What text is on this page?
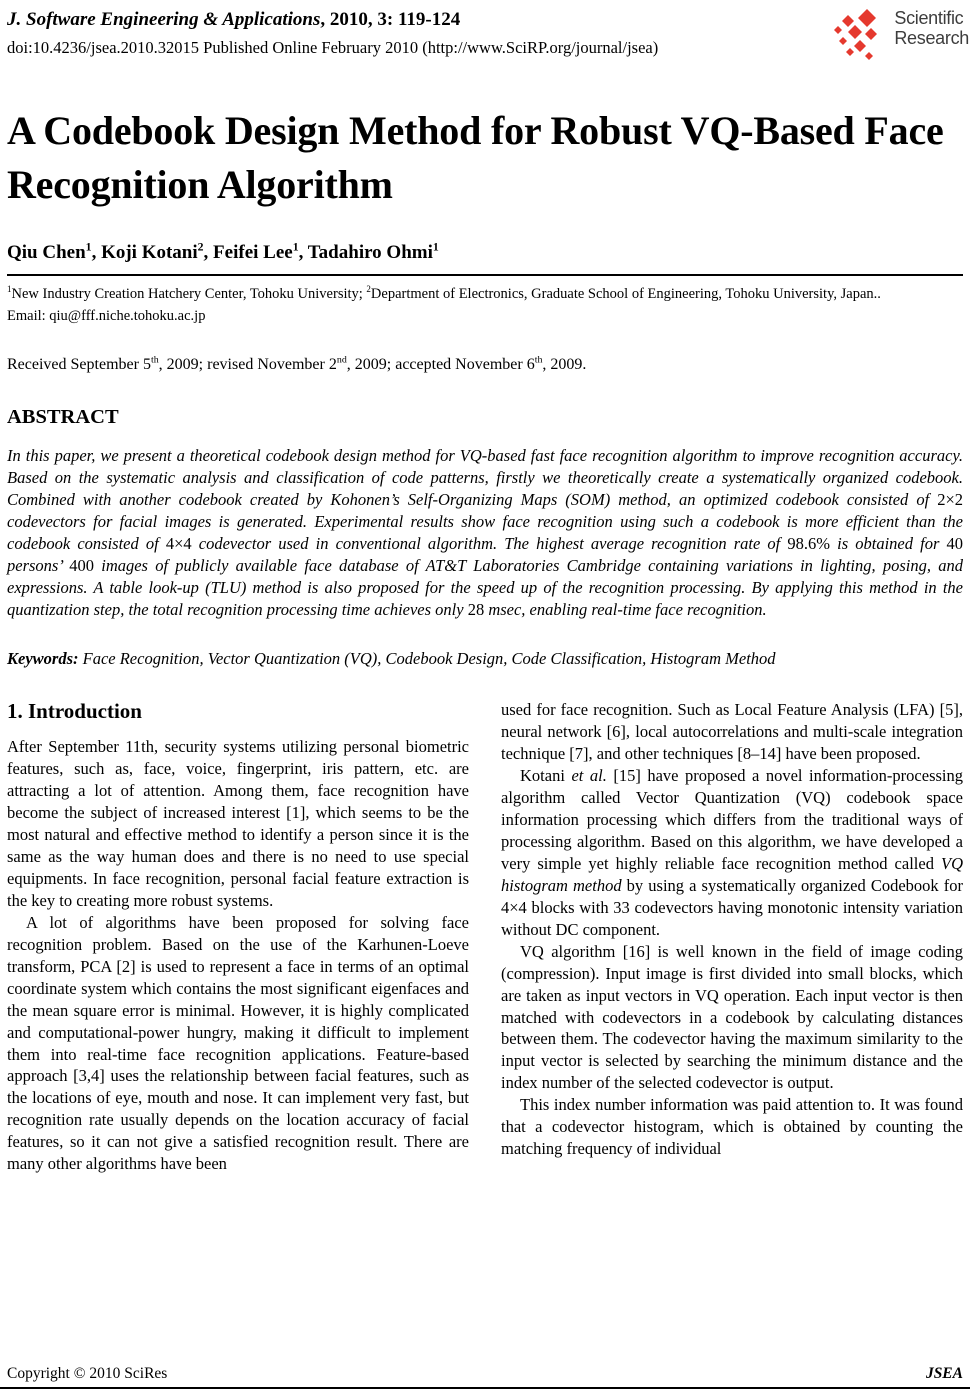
J. Software Engineering & Applications, 2010, 3: 119-124
doi:10.4236/jsea.2010.32015 Published Online February 2010 (http://www.SciRP.org/journal/jsea)
Scientific
Research
A Codebook Design Method for Robust VQ-Based Face Recognition Algorithm
Qiu Chen$^1$, Koji Kotani$^2$, Feifei Lee$^1$, Tadahiro Ohmi$^1$
$^1$New Industry Creation Hatchery Center, Tohoku University; $^2$Department of Electronics, Graduate School of Engineering, Tohoku University, Japan..
Email: qiu@fff.niche.tohoku.ac.jp
Received September 5th, 2009; revised November 2nd, 2009; accepted November 6th, 2009.
ABSTRACT
In this paper, we present a theoretical codebook design method for VQ-based fast face recognition algorithm to improve recognition accuracy. Based on the systematic analysis and classification of code patterns, firstly we theoretically create a systematically organized codebook. Combined with another codebook created by Kohonen’s Self-Organizing Maps (SOM) method, an optimized codebook consisted of 2×2 codevectors for facial images is generated. Experimental results show face recognition using such a codebook is more efficient than the codebook consisted of 4×4 codevector used in conventional algorithm. The highest average recognition rate of 98.6% is obtained for 40 persons’ 400 images of publicly available face database of AT&T Laboratories Cambridge containing variations in lighting, posing, and expressions. A table look-up (TLU) method is also proposed for the speed up of the recognition processing. By applying this method in the quantization step, the total recognition processing time achieves only 28 msec, enabling real-time face recognition.
Keywords: Face Recognition, Vector Quantization (VQ), Codebook Design, Code Classification, Histogram Method
1. Introduction

After September 11th, security systems utilizing personal biometric features, such as, face, voice, fingerprint, iris pattern, etc. are attracting a lot of attention. Among them, face recognition have become the subject of increased interest [1], which seems to be the most natural and effective method to identify a person since it is the same as the way human does and there is no need to use special equipments. In face recognition, personal facial feature extraction is the key to creating more robust systems.

A lot of algorithms have been proposed for solving face recognition problem. Based on the use of the Karhunen-Loeve transform, PCA [2] is used to represent a face in terms of an optimal coordinate system which contains the most significant eigenfaces and the mean square error is minimal. However, it is highly complicated and computational-power hungry, making it difficult to implement them into real-time face recognition applications. Feature-based approach [3,4] uses the relationship between facial features, such as the locations of eye, mouth and nose. It can implement very fast, but recognition rate usually depends on the location accuracy of facial features, so it can not give a satisfied recognition result. There are many other algorithms have been

used for face recognition. Such as Local Feature Analysis (LFA) [5], neural network [6], local autocorrelations and multi-scale integration technique [7], and other techniques [8–14] have been proposed.

Kotani et al. [15] have proposed a novel information-processing algorithm called Vector Quantization (VQ) codebook space information processing which differs from the traditional ways of processing algorithm. Based on this algorithm, we have developed a very simple yet highly reliable face recognition method called VQ histogram method by using a systematically organized Codebook for 4×4 blocks with 33 codevectors having monotonic intensity variation without DC component.

VQ algorithm [16] is well known in the field of image coding (compression). Input image is first divided into small blocks, which are taken as input vectors in VQ operation. Each input vector is then matched with codevectors in a codebook by calculating distances between them. The codevector having the maximum similarity to the input vector is selected by searching the minimum distance and the index number of the selected codevector is output.

This index number information was paid attention to. It was found that a codevector histogram, which is obtained by counting the matching frequency of individual

Copyright © 2010 SciRes	JSEA
